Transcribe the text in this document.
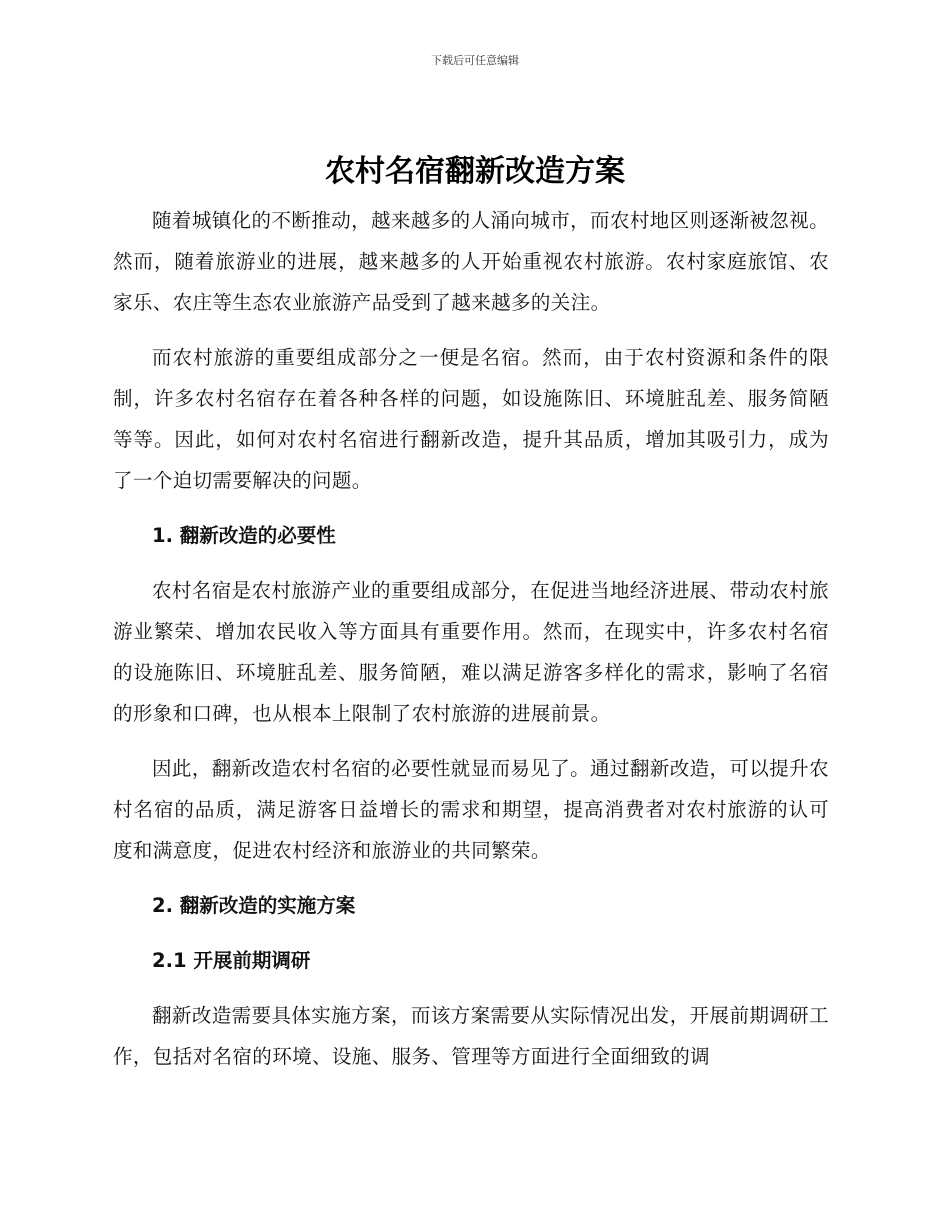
下载后可任意编辑
农村名宿翻新改造方案

随着城镇化的不断推动，越来越多的人涌向城市，而农村地区则逐渐被忽视。然而，随着旅游业的进展，越来越多的人开始重视农村旅游。农村家庭旅馆、农家乐、农庄等生态农业旅游产品受到了越来越多的关注。

而农村旅游的重要组成部分之一便是名宿。然而，由于农村资源和条件的限制，许多农村名宿存在着各种各样的问题，如设施陈旧、环境脏乱差、服务简陋等等。因此，如何对农村名宿进行翻新改造，提升其品质，增加其吸引力，成为了一个迫切需要解决的问题。

1. 翻新改造的必要性

农村名宿是农村旅游产业的重要组成部分，在促进当地经济进展、带动农村旅游业繁荣、增加农民收入等方面具有重要作用。然而，在现实中，许多农村名宿的设施陈旧、环境脏乱差、服务简陋，难以满足游客多样化的需求，影响了名宿的形象和口碑，也从根本上限制了农村旅游的进展前景。

因此，翻新改造农村名宿的必要性就显而易见了。通过翻新改造，可以提升农村名宿的品质，满足游客日益增长的需求和期望，提高消费者对农村旅游的认可度和满意度，促进农村经济和旅游业的共同繁荣。

2. 翻新改造的实施方案

2.1 开展前期调研

翻新改造需要具体实施方案，而该方案需要从实际情况出发，开展前期调研工作，包括对名宿的环境、设施、服务、管理等方面进行全面细致的调
